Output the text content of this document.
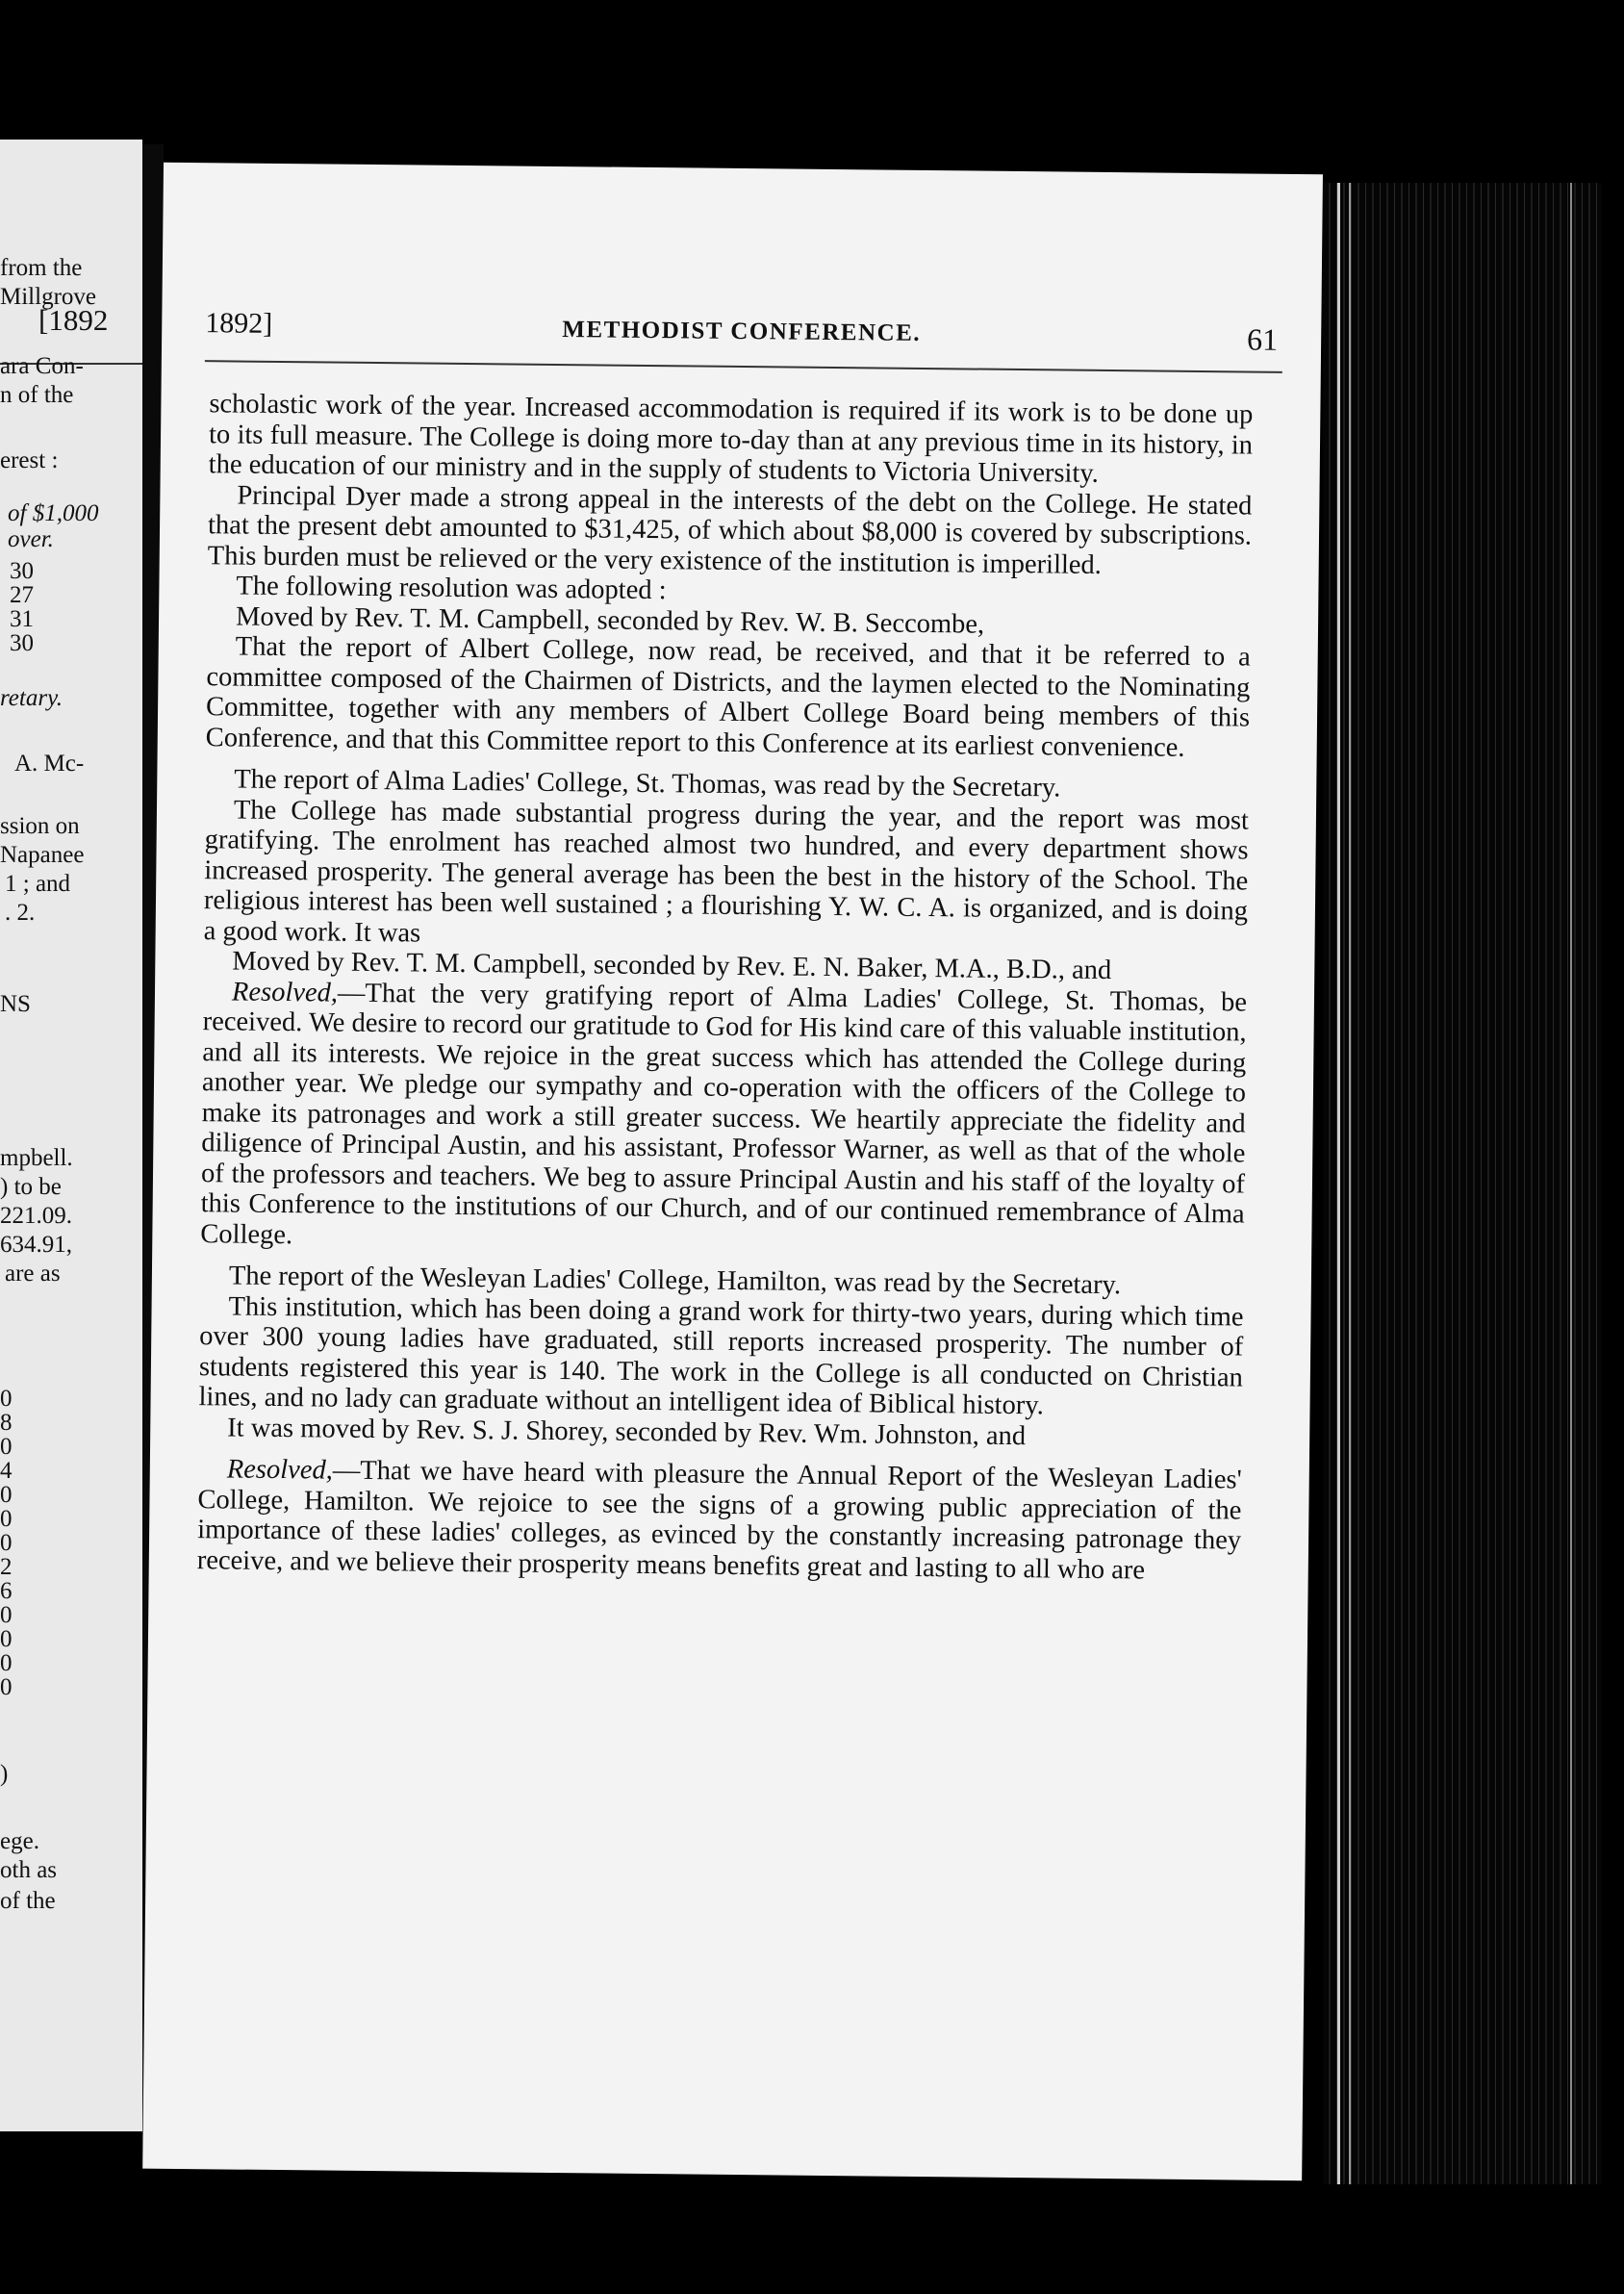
[1892
from the
Millgrove
ara Con-
n of the
erest :
of $1,000
over.
30
27
31
30
retary.
A. Mc-
ssion on
Napanee
1 ; and
. 2.
NS
mpbell.
) to be
221.09.
634.91,
are as
0
8
0
4
0
0
0
2
6
0
0
0
0
)
ege.
oth as
of the
1892]	METHODIST CONFERENCE.	61

scholastic work of the year. Increased accommodation is required if its work is to be done up to its full measure. The College is doing more to-day than at any previous time in its history, in the education of our ministry and in the supply of students to Victoria University.

Principal Dyer made a strong appeal in the interests of the debt on the College. He stated that the present debt amounted to $31,425, of which about $8,000 is covered by subscriptions. This burden must be relieved or the very existence of the institution is imperilled.

The following resolution was adopted :

Moved by Rev. T. M. Campbell, seconded by Rev. W. B. Seccombe,

That the report of Albert College, now read, be received, and that it be referred to a committee composed of the Chairmen of Districts, and the laymen elected to the Nominating Committee, together with any members of Albert College Board being members of this Conference, and that this Committee report to this Conference at its earliest convenience.

The report of Alma Ladies' College, St. Thomas, was read by the Secretary.

The College has made substantial progress during the year, and the report was most gratifying. The enrolment has reached almost two hundred, and every department shows increased prosperity. The general average has been the best in the history of the School. The religious interest has been well sustained ; a flourishing Y. W. C. A. is organized, and is doing a good work. It was

Moved by Rev. T. M. Campbell, seconded by Rev. E. N. Baker, M.A., B.D., and

Resolved,—That the very gratifying report of Alma Ladies' College, St. Thomas, be received. We desire to record our gratitude to God for His kind care of this valuable institution, and all its interests. We rejoice in the great success which has attended the College during another year. We pledge our sympathy and co-operation with the officers of the College to make its patronages and work a still greater success. We heartily appreciate the fidelity and diligence of Principal Austin, and his assistant, Professor Warner, as well as that of the whole of the professors and teachers. We beg to assure Principal Austin and his staff of the loyalty of this Conference to the institutions of our Church, and of our continued remembrance of Alma College.

The report of the Wesleyan Ladies' College, Hamilton, was read by the Secretary.

This institution, which has been doing a grand work for thirty-two years, during which time over 300 young ladies have graduated, still reports increased prosperity. The number of students registered this year is 140. The work in the College is all conducted on Christian lines, and no lady can graduate without an intelligent idea of Biblical history.

It was moved by Rev. S. J. Shorey, seconded by Rev. Wm. Johnston, and

Resolved,—That we have heard with pleasure the Annual Report of the Wesleyan Ladies' College, Hamilton. We rejoice to see the signs of a growing public appreciation of the importance of these ladies' colleges, as evinced by the constantly increasing patronage they receive, and we believe their prosperity means benefits great and lasting to all who are
